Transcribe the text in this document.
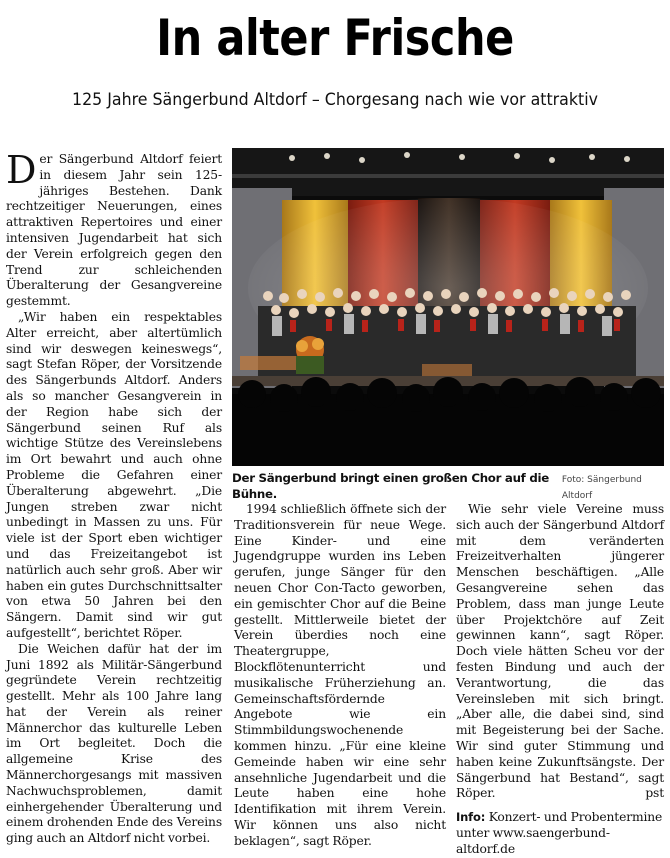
In alter Frische
125 Jahre Sängerbund Altdorf – Chorgesang nach wie vor attraktiv

Der Sängerbund Altdorf feiert in diesem Jahr sein 125-jähriges Bestehen. Dank rechtzeitiger Neuerungen, eines attraktiven Repertoires und einer intensiven Jugendarbeit hat sich der Verein erfolgreich gegen den Trend zur schleichenden Überalterung der Gesangvereine gestemmt.

„Wir haben ein respektables Alter erreicht, aber altertümlich sind wir deswegen keineswegs“, sagt Stefan Röper, der Vorsitzende des Sängerbunds Altdorf. Anders als so mancher Gesangverein in der Region habe sich der Sängerbund seinen Ruf als wichtige Stütze des Vereinslebens im Ort bewahrt und auch ohne Probleme die Gefahren einer Überalterung abgewehrt. „Die Jungen streben zwar nicht unbedingt in Massen zu uns. Für viele ist der Sport eben wichtiger und das Freizeitangebot ist natürlich auch sehr groß. Aber wir haben ein gutes Durchschnittsalter von etwa 50 Jahren bei den Sängern. Damit sind wir gut aufgestellt“, berichtet Röper.

Die Weichen dafür hat der im Juni 1892 als Militär-Sängerbund gegründete Verein rechtzeitig gestellt. Mehr als 100 Jahre lang hat der Verein als reiner Männerchor das kulturelle Leben im Ort begleitet. Doch die allgemeine Krise des Männerchorgesangs mit massiven Nachwuchsproblemen, damit einhergehender Überalterung und einem drohenden Ende des Vereins ging auch an Altdorf nicht vorbei.

Der Sängerbund bringt einen großen Chor auf die Bühne.
Foto: Sängerbund Altdorf

1994 schließlich öffnete sich der Traditionsverein für neue Wege. Eine Kinder- und eine Jugendgruppe wurden ins Leben gerufen, junge Sänger für den neuen Chor Con-Tacto geworben, ein gemischter Chor auf die Beine gestellt. Mittlerweile bietet der Verein überdies noch eine Theatergruppe, Blockflötenunterricht und musikalische Früherziehung an. Gemeinschaftsfördernde Angebote wie ein Stimmbildungswochenende kommen hinzu. „Für eine kleine Gemeinde haben wir eine sehr ansehnliche Jugendarbeit und die Leute haben eine hohe Identifikation mit ihrem Verein. Wir können uns also nicht beklagen“, sagt Röper.

Wie sehr viele Vereine muss sich auch der Sängerbund Altdorf mit dem veränderten Freizeitverhalten jüngerer Menschen beschäftigen. „Alle Gesangvereine sehen das Problem, dass man junge Leute über Projektchöre auf Zeit gewinnen kann“, sagt Röper. Doch viele hätten Scheu vor der festen Bindung und auch der Verantwortung, die das Vereinsleben mit sich bringt. „Aber alle, die dabei sind, sind mit Begeisterung bei der Sache. Wir sind guter Stimmung und haben keine Zukunftsängste. Der Sängerbund hat Bestand“, sagt Röper.	pst

Info: Konzert- und Probentermine unter www.saengerbund-altdorf.de
